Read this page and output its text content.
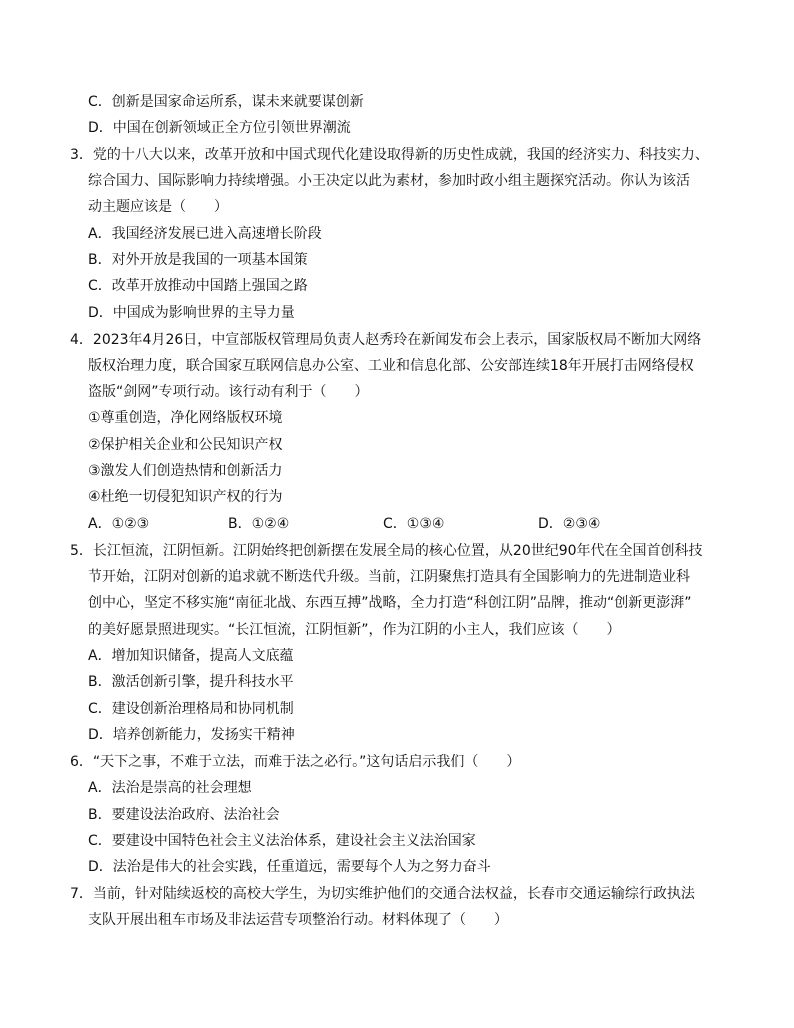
C．创新是国家命运所系，谋未来就要谋创新
D．中国在创新领域正全方位引领世界潮流
3．党的十八大以来，改革开放和中国式现代化建设取得新的历史性成就，我国的经济实力、科技实力、
综合国力、国际影响力持续增强。小王决定以此为素材，参加时政小组主题探究活动。你认为该活
动主题应该是（　　）
A．我国经济发展已进入高速增长阶段
B．对外开放是我国的一项基本国策
C．改革开放推动中国踏上强国之路
D．中国成为影响世界的主导力量
4．2023年4月26日，中宣部版权管理局负责人赵秀玲在新闻发布会上表示，国家版权局不断加大网络
版权治理力度，联合国家互联网信息办公室、工业和信息化部、公安部连续18年开展打击网络侵权
盗版“剑网”专项行动。该行动有利于（　　）
①尊重创造，净化网络版权环境
②保护相关企业和公民知识产权
③激发人们创造热情和创新活力
④杜绝一切侵犯知识产权的行为
A．①②③	B．①②④	C．①③④	D．②③④
5．长江恒流，江阴恒新。江阴始终把创新摆在发展全局的核心位置，从20世纪90年代在全国首创科技
节开始，江阴对创新的追求就不断迭代升级。当前，江阴聚焦打造具有全国影响力的先进制造业科
创中心，坚定不移实施“南征北战、东西互搏”战略，全力打造“科创江阴”品牌，推动“创新更澎湃”
的美好愿景照进现实。“长江恒流，江阴恒新”，作为江阴的小主人，我们应该（　　）
A．增加知识储备，提高人文底蕴
B．激活创新引擎，提升科技水平
C．建设创新治理格局和协同机制
D．培养创新能力，发扬实干精神
6．“天下之事，不难于立法，而难于法之必行。”这句话启示我们（　　）
A．法治是崇高的社会理想
B．要建设法治政府、法治社会
C．要建设中国特色社会主义法治体系，建设社会主义法治国家
D．法治是伟大的社会实践，任重道远，需要每个人为之努力奋斗
7．当前，针对陆续返校的高校大学生，为切实维护他们的交通合法权益，长春市交通运输综行政执法
支队开展出租车市场及非法运营专项整治行动。材料体现了（　　）
